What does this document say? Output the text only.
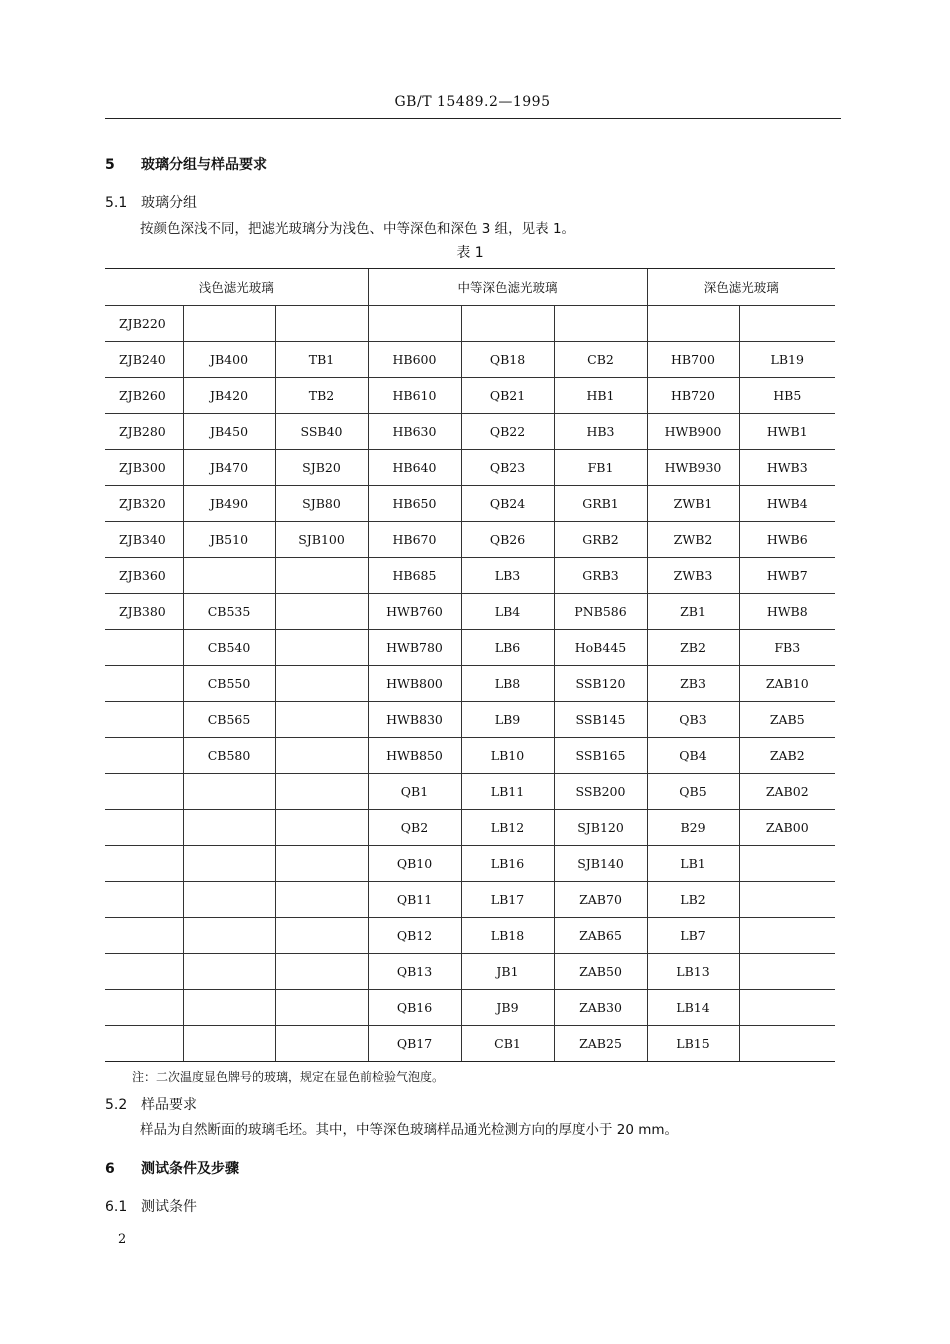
GB/T 15489.2—1995
5 玻璃分组与样品要求
5.1 玻璃分组
按颜色深浅不同，把滤光玻璃分为浅色、中等深色和深色 3 组，见表 1。
表 1
浅色滤光玻璃			中等深色滤光玻璃			深色滤光玻璃	
ZJB220							
ZJB240	JB400	TB1	HB600	QB18	CB2	HB700	LB19
ZJB260	JB420	TB2	HB610	QB21	HB1	HB720	HB5
ZJB280	JB450	SSB40	HB630	QB22	HB3	HWB900	HWB1
ZJB300	JB470	SJB20	HB640	QB23	FB1	HWB930	HWB3
ZJB320	JB490	SJB80	HB650	QB24	GRB1	ZWB1	HWB4
ZJB340	JB510	SJB100	HB670	QB26	GRB2	ZWB2	HWB6
ZJB360			HB685	LB3	GRB3	ZWB3	HWB7
ZJB380	CB535		HWB760	LB4	PNB586	ZB1	HWB8
	CB540		HWB780	LB6	HoB445	ZB2	FB3
	CB550		HWB800	LB8	SSB120	ZB3	ZAB10
	CB565		HWB830	LB9	SSB145	QB3	ZAB5
	CB580		HWB850	LB10	SSB165	QB4	ZAB2
			QB1	LB11	SSB200	QB5	ZAB02
			QB2	LB12	SJB120	B29	ZAB00
			QB10	LB16	SJB140	LB1	
			QB11	LB17	ZAB70	LB2	
			QB12	LB18	ZAB65	LB7	
			QB13	JB1	ZAB50	LB13	
			QB16	JB9	ZAB30	LB14	
			QB17	CB1	ZAB25	LB15	
注：二次温度显色牌号的玻璃，规定在显色前检验气泡度。
5.2 样品要求
样品为自然断面的玻璃毛坯。其中，中等深色玻璃样品通光检测方向的厚度小于 20 mm。
6 测试条件及步骤
6.1 测试条件
2
